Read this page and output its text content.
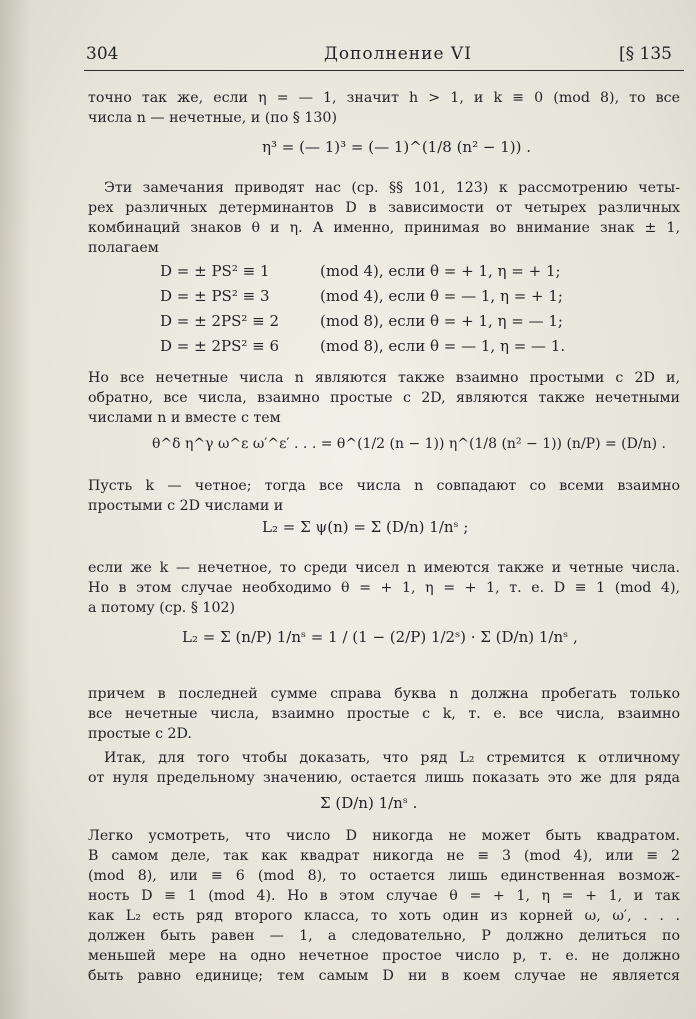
304	Дополнение VI	[§ 135
точно так же, если η = — 1, значит h > 1, и k ≡ 0 (mod 8), то все
числа n — нечетные, и (по § 130)
η³ = (— 1)³ = (— 1)^(1/8 (n² − 1)) .
Эти замечания приводят нас (ср. §§ 101, 123) к рассмотрению четы-
рех различных детерминантов D в зависимости от четырех различных
комбинаций знаков θ и η. А именно, принимая во внимание знак ± 1,
полагаем
D = ± PS² ≡ 1	(mod 4), если θ = + 1, η = + 1;
D = ± PS² ≡ 3	(mod 4), если θ = — 1, η = + 1;
D = ± 2PS² ≡ 2	(mod 8), если θ = + 1, η = — 1;
D = ± 2PS² ≡ 6	(mod 8), если θ = — 1, η = — 1.
Но все нечетные числа n являются также взаимно простыми с 2D и,
обратно, все числа, взаимно простые с 2D, являются также нечетными
числами n и вместе с тем
θ^δ η^γ ω^ε ω′^ε′ . . . = θ^(1/2 (n − 1)) η^(1/8 (n² − 1)) (n/P) = (D/n) .
Пусть k — четное; тогда все числа n совпадают со всеми взаимно
простыми с 2D числами и
L₂ = Σ ψ(n) = Σ (D/n) 1/nˢ ;
если же k — нечетное, то среди чисел n имеются также и четные числа.
Но в этом случае необходимо θ = + 1, η = + 1, т. е. D ≡ 1 (mod 4),
а потому (ср. § 102)
L₂ = Σ (n/P) 1/nˢ = 1 / (1 − (2/P) 1/2ˢ) · Σ (D/n) 1/nˢ ,
причем в последней сумме справа буква n должна пробегать только
все нечетные числа, взаимно простые с k, т. е. все числа, взаимно
простые с 2D.
Итак, для того чтобы доказать, что ряд L₂ стремится к отличному
от нуля предельному значению, остается лишь показать это же для ряда
Σ (D/n) 1/nˢ .
Легко усмотреть, что число D никогда не может быть квадратом.
В самом деле, так как квадрат никогда не ≡ 3 (mod 4), или ≡ 2
(mod 8), или ≡ 6 (mod 8), то остается лишь единственная возмож-
ность D ≡ 1 (mod 4). Но в этом случае θ = + 1, η = + 1, и так
как L₂ есть ряд второго класса, то хоть один из корней ω, ω′, . . .
должен быть равен — 1, а следовательно, P должно делиться по
меньшей мере на одно нечетное простое число p, т. е. не должно
быть равно единице; тем самым D ни в коем случае не является
